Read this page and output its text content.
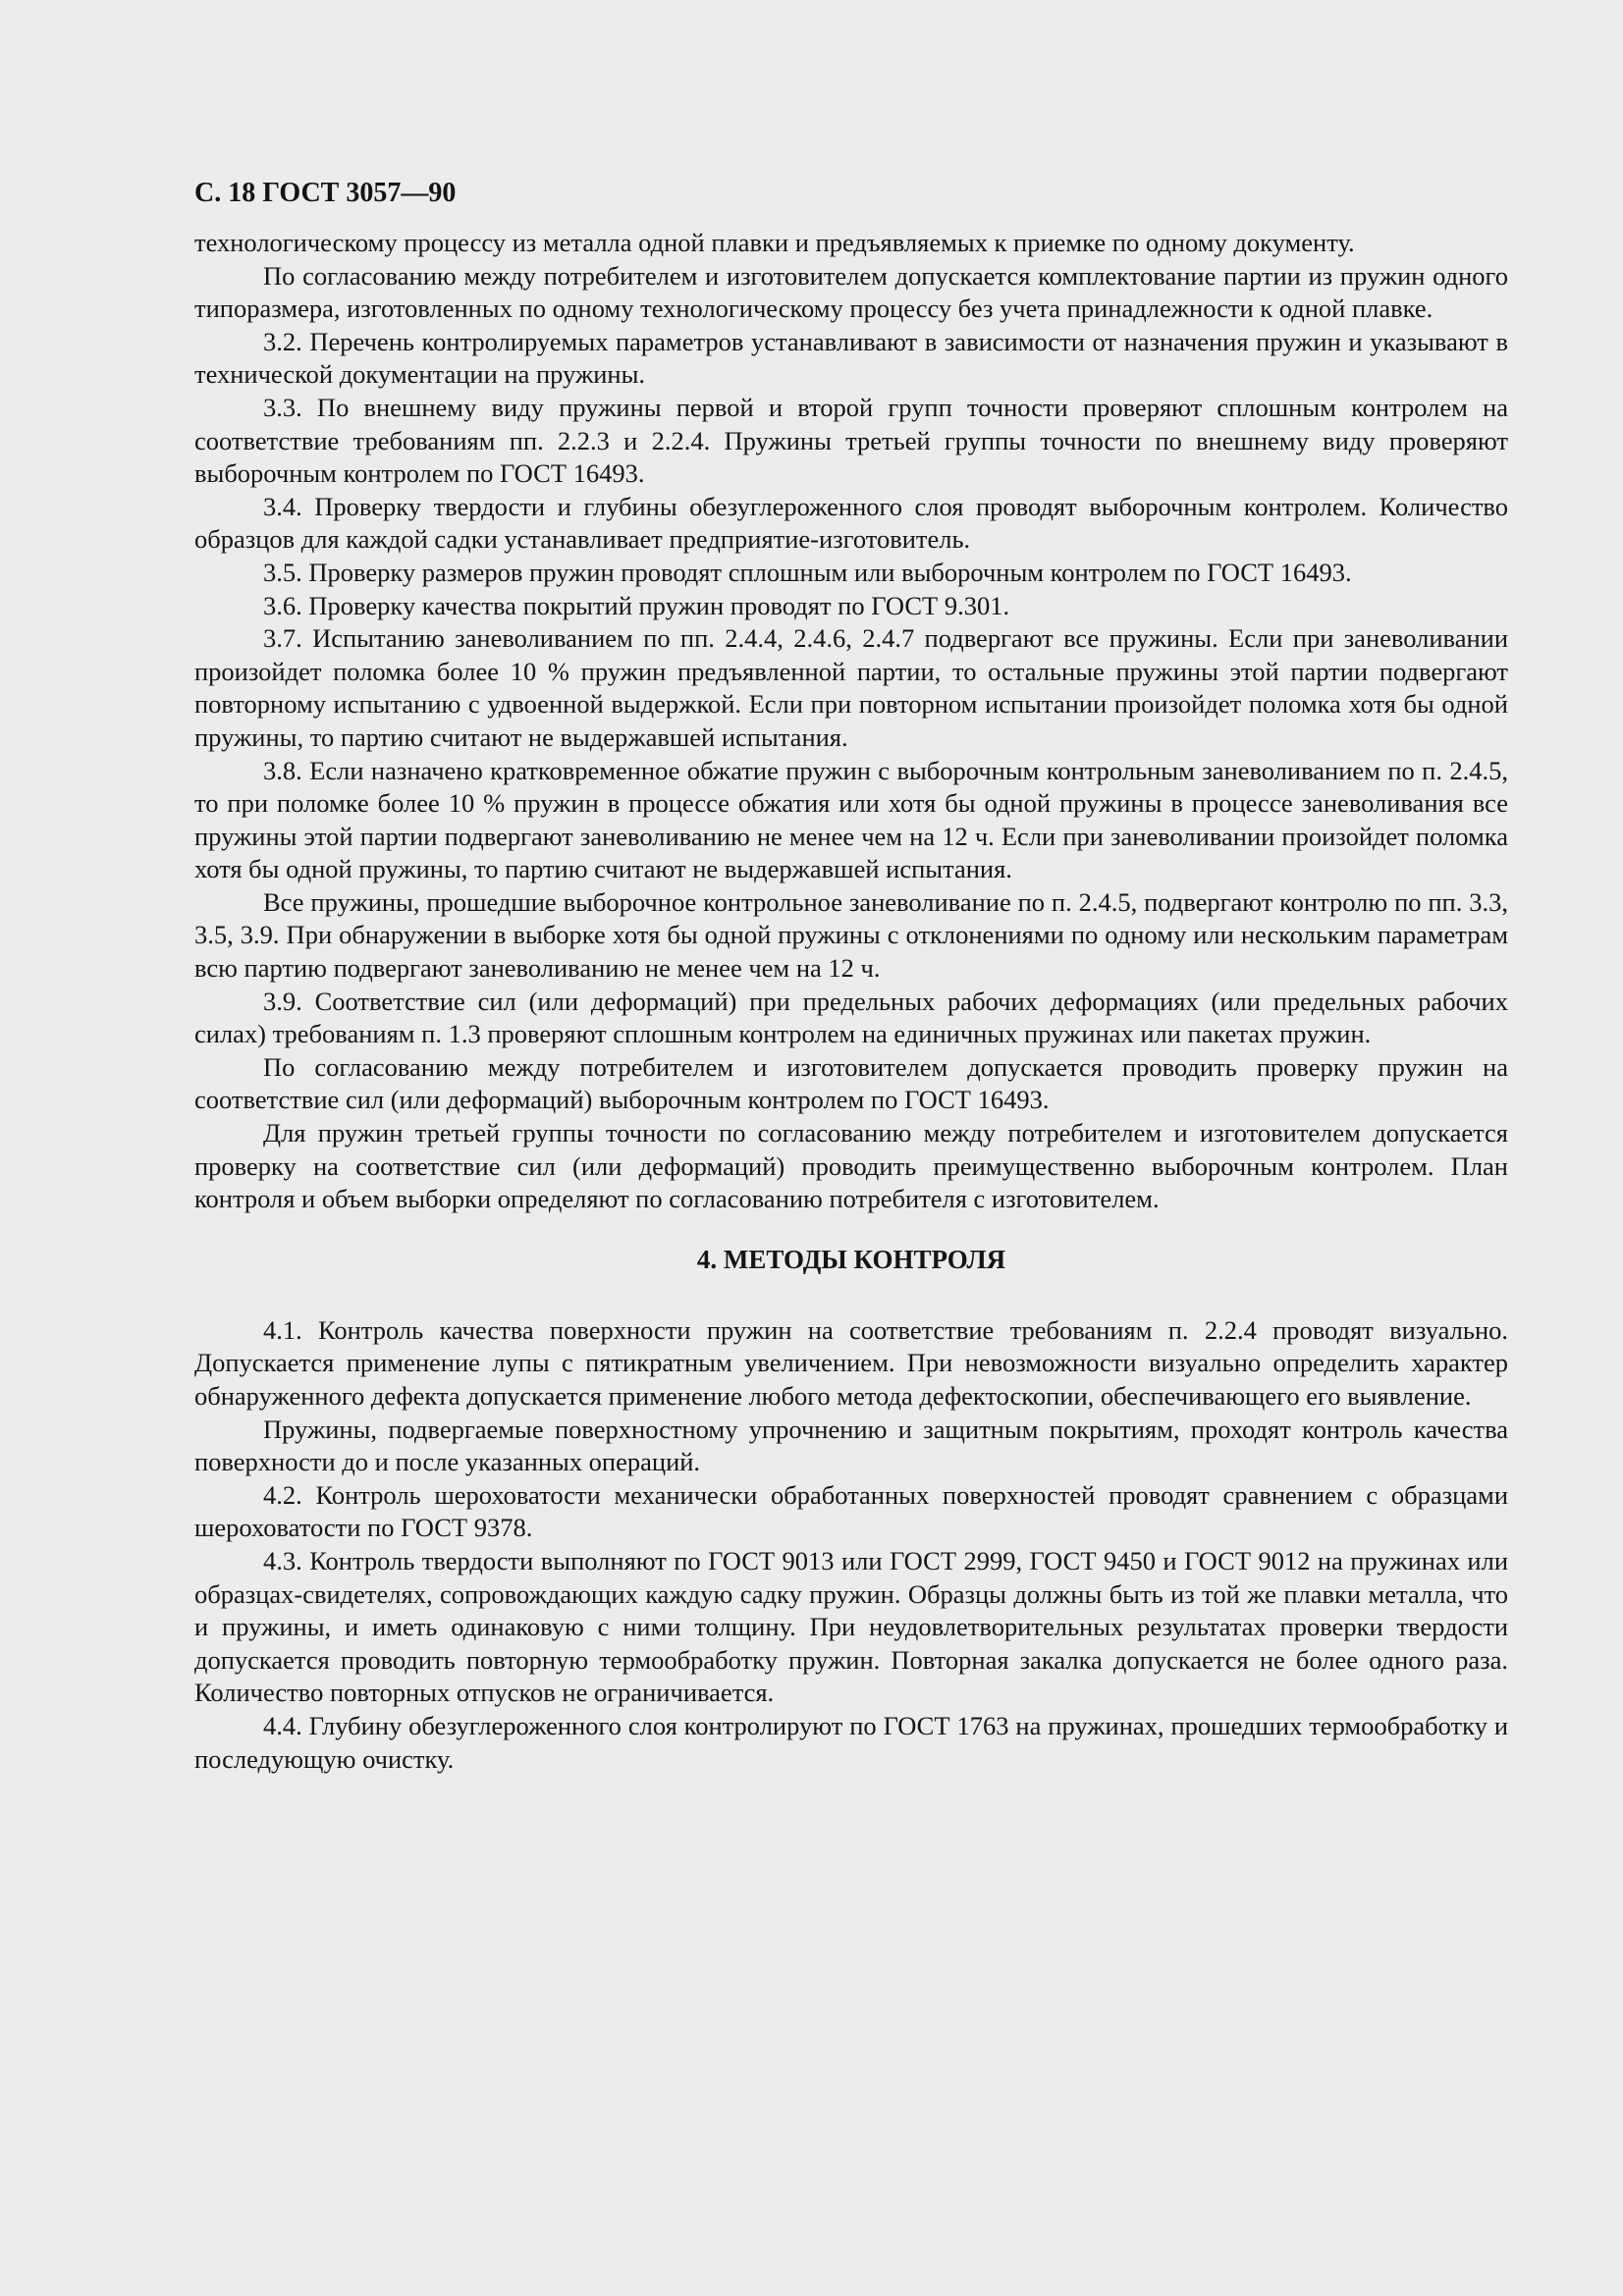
С. 18 ГОСТ 3057—90

технологическому процессу из металла одной плавки и предъявляемых к приемке по одному документу.

По согласованию между потребителем и изготовителем допускается комплектование партии из пружин одного типоразмера, изготовленных по одному технологическому процессу без учета принадлежности к одной плавке.

3.2. Перечень контролируемых параметров устанавливают в зависимости от назначения пружин и указывают в технической документации на пружины.

3.3. По внешнему виду пружины первой и второй групп точности проверяют сплошным контролем на соответствие требованиям пп. 2.2.3 и 2.2.4. Пружины третьей группы точности по внешнему виду проверяют выборочным контролем по ГОСТ 16493.

3.4. Проверку твердости и глубины обезуглероженного слоя проводят выборочным контролем. Количество образцов для каждой садки устанавливает предприятие-изготовитель.

3.5. Проверку размеров пружин проводят сплошным или выборочным контролем по ГОСТ 16493.

3.6. Проверку качества покрытий пружин проводят по ГОСТ 9.301.

3.7. Испытанию заневоливанием по пп. 2.4.4, 2.4.6, 2.4.7 подвергают все пружины. Если при заневоливании произойдет поломка более 10 % пружин предъявленной партии, то остальные пружины этой партии подвергают повторному испытанию с удвоенной выдержкой. Если при повторном испытании произойдет поломка хотя бы одной пружины, то партию считают не выдержавшей испытания.

3.8. Если назначено кратковременное обжатие пружин с выборочным контрольным заневоливанием по п. 2.4.5, то при поломке более 10 % пружин в процессе обжатия или хотя бы одной пружины в процессе заневоливания все пружины этой партии подвергают заневоливанию не менее чем на 12 ч. Если при заневоливании произойдет поломка хотя бы одной пружины, то партию считают не выдержавшей испытания.

Все пружины, прошедшие выборочное контрольное заневоливание по п. 2.4.5, подвергают контролю по пп. 3.3, 3.5, 3.9. При обнаружении в выборке хотя бы одной пружины с отклонениями по одному или нескольким параметрам всю партию подвергают заневоливанию не менее чем на 12 ч.

3.9. Соответствие сил (или деформаций) при предельных рабочих деформациях (или предельных рабочих силах) требованиям п. 1.3 проверяют сплошным контролем на единичных пружинах или пакетах пружин.

По согласованию между потребителем и изготовителем допускается проводить проверку пружин на соответствие сил (или деформаций) выборочным контролем по ГОСТ 16493.

Для пружин третьей группы точности по согласованию между потребителем и изготовителем допускается проверку на соответствие сил (или деформаций) проводить преимущественно выборочным контролем. План контроля и объем выборки определяют по согласованию потребителя с изготовителем.

4. МЕТОДЫ КОНТРОЛЯ

4.1. Контроль качества поверхности пружин на соответствие требованиям п. 2.2.4 проводят визуально. Допускается применение лупы с пятикратным увеличением. При невозможности визуально определить характер обнаруженного дефекта допускается применение любого метода дефектоскопии, обеспечивающего его выявление.

Пружины, подвергаемые поверхностному упрочнению и защитным покрытиям, проходят контроль качества поверхности до и после указанных операций.

4.2. Контроль шероховатости механически обработанных поверхностей проводят сравнением с образцами шероховатости по ГОСТ 9378.

4.3. Контроль твердости выполняют по ГОСТ 9013 или ГОСТ 2999, ГОСТ 9450 и ГОСТ 9012 на пружинах или образцах-свидетелях, сопровождающих каждую садку пружин. Образцы должны быть из той же плавки металла, что и пружины, и иметь одинаковую с ними толщину. При неудовлетворительных результатах проверки твердости допускается проводить повторную термообработку пружин. Повторная закалка допускается не более одного раза. Количество повторных отпусков не ограничивается.

4.4. Глубину обезуглероженного слоя контролируют по ГОСТ 1763 на пружинах, прошедших термообработку и последующую очистку.
